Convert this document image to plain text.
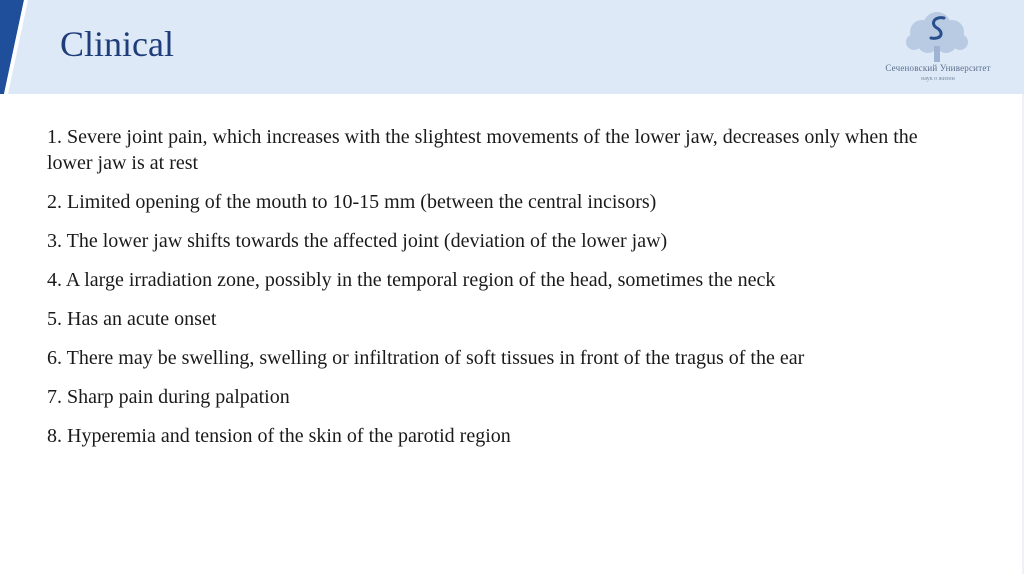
Clinical
Сеченовский Университет
наук о жизни
1. Severe joint pain, which increases with the slightest movements of the lower jaw, decreases only when the lower jaw is at rest
2. Limited opening of the mouth to 10-15 mm (between the central incisors)
3. The lower jaw shifts towards the affected joint (deviation of the lower jaw)
4. A large irradiation zone, possibly in the temporal region of the head, sometimes the neck
5. Has an acute onset
6. There may be swelling, swelling or infiltration of soft tissues in front of the tragus of the ear
7. Sharp pain during palpation
8. Hyperemia and tension of the skin of the parotid region
